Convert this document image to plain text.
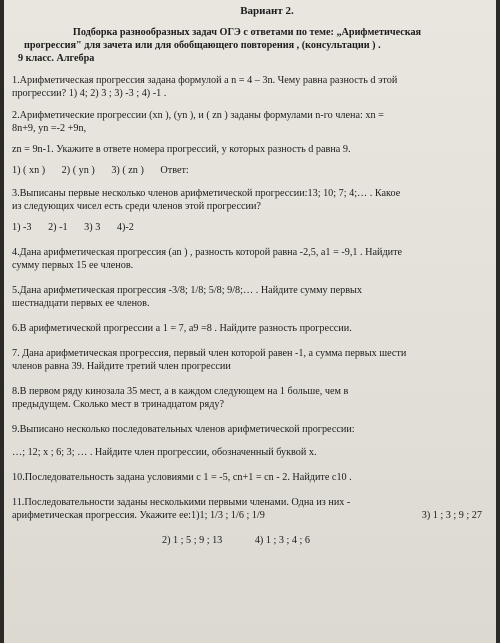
Вариант 2.
Подборка разнообразных задач ОГЭ с ответами по теме: „Арифметическая
прогрессия" для зачета или для обобщающего повторения , (консультации ) .
9 класс. Алгебра
1.Арифметическая прогрессия задана формулой a n = 4 – 3n. Чему равна разность d этой
прогрессии? 1) 4; 2) 3 ; 3) -3 ; 4) -1 .
2.Арифметические прогрессии (xn ), (yn ), и ( zn ) заданы формулами n-го члена: xn =
8n+9, yn =-2 +9n,
zn = 9n-1. Укажите в ответе номера прогрессий, у которых разность d равна 9.
1) ( xn ) 2) ( yn ) 3) ( zn ) Ответ:
3.Выписаны первые несколько членов арифметической прогрессии:13; 10; 7; 4;… . Какое
из следующих чисел есть среди членов этой прогрессии?
1) -3 2) -1 3) 3 4)-2
4.Дана арифметическая прогрессия (an ) , разность которой равна -2,5, a1 = -9,1 . Найдите
сумму первых 15 ее членов.
5.Дана арифметическая прогрессия -3/8; 1/8; 5/8; 9/8;… . Найдите сумму первых
шестнадцати первых ее членов.
6.В арифметической прогрессии a 1 = 7, a9 =8 . Найдите разность прогрессии.
7. Дана арифметическая прогрессия, первый член которой равен -1, а сумма первых шести
членов равна 39. Найдите третий член прогрессии
8.В первом ряду кинозала 35 мест, а в каждом следующем на 1 больше, чем в
предыдущем. Сколько мест в тринадцатом ряду?
9.Выписано несколько последовательных членов арифметической прогрессии:
…; 12; x ; 6; 3; … . Найдите член прогрессии, обозначенный буквой x.
10.Последовательность задана условиями c 1 = -5, cn+1 = cn - 2. Найдите c10 .
11.Последовательности заданы несколькими первыми членами. Одна из них -
3) 1 ; 3 ; 9 ; 27
арифметическая прогрессия. Укажите ее:1)1; 1/3 ; 1/6 ; 1/9
2) 1 ; 5 ; 9 ; 13	4) 1 ; 3 ; 4 ; 6
